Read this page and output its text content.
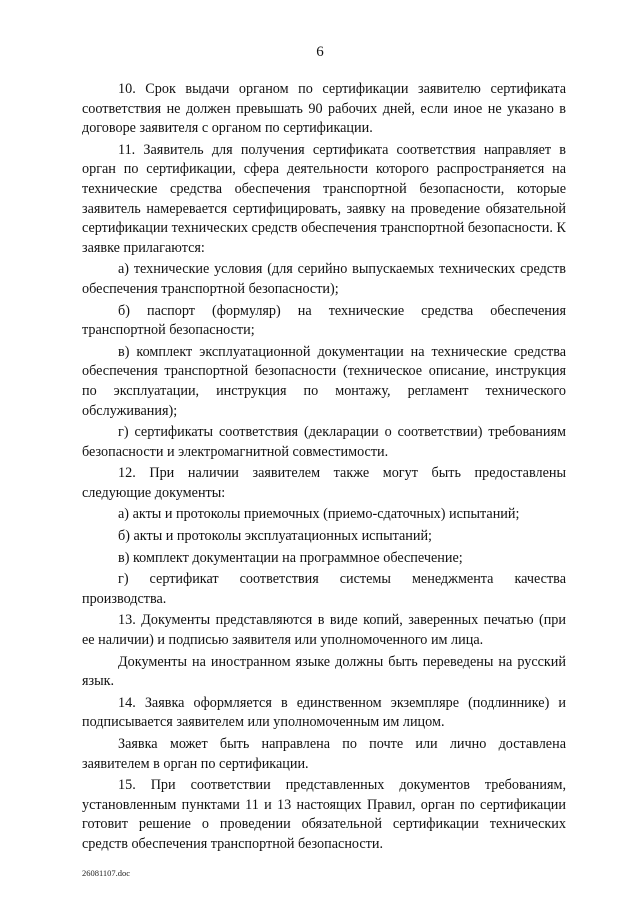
6

10. Срок выдачи органом по сертификации заявителю сертификата соответствия не должен превышать 90 рабочих дней, если иное не указано в договоре заявителя с органом по сертификации.

11. Заявитель для получения сертификата соответствия направляет в орган по сертификации, сфера деятельности которого распространяется на технические средства обеспечения транспортной безопасности, которые заявитель намеревается сертифицировать, заявку на проведение обязательной сертификации технических средств обеспечения транспортной безопасности. К заявке прилагаются:

а) технические условия (для серийно выпускаемых технических средств обеспечения транспортной безопасности);

б) паспорт (формуляр) на технические средства обеспечения транспортной безопасности;

в) комплект эксплуатационной документации на технические средства обеспечения транспортной безопасности (техническое описание, инструкция по эксплуатации, инструкция по монтажу, регламент технического обслуживания);

г) сертификаты соответствия (декларации о соответствии) требованиям безопасности и электромагнитной совместимости.

12. При наличии заявителем также могут быть предоставлены следующие документы:

а) акты и протоколы приемочных (приемо-сдаточных) испытаний;

б) акты и протоколы эксплуатационных испытаний;

в) комплект документации на программное обеспечение;

г) сертификат соответствия системы менеджмента качества производства.

13. Документы представляются в виде копий, заверенных печатью (при ее наличии) и подписью заявителя или уполномоченного им лица.

Документы на иностранном языке должны быть переведены на русский язык.

14. Заявка оформляется в единственном экземпляре (подлиннике) и подписывается заявителем или уполномоченным им лицом.

Заявка может быть направлена по почте или лично доставлена заявителем в орган по сертификации.

15. При соответствии представленных документов требованиям, установленным пунктами 11 и 13 настоящих Правил, орган по сертификации готовит решение о проведении обязательной сертификации технических средств обеспечения транспортной безопасности.

26081107.doc
